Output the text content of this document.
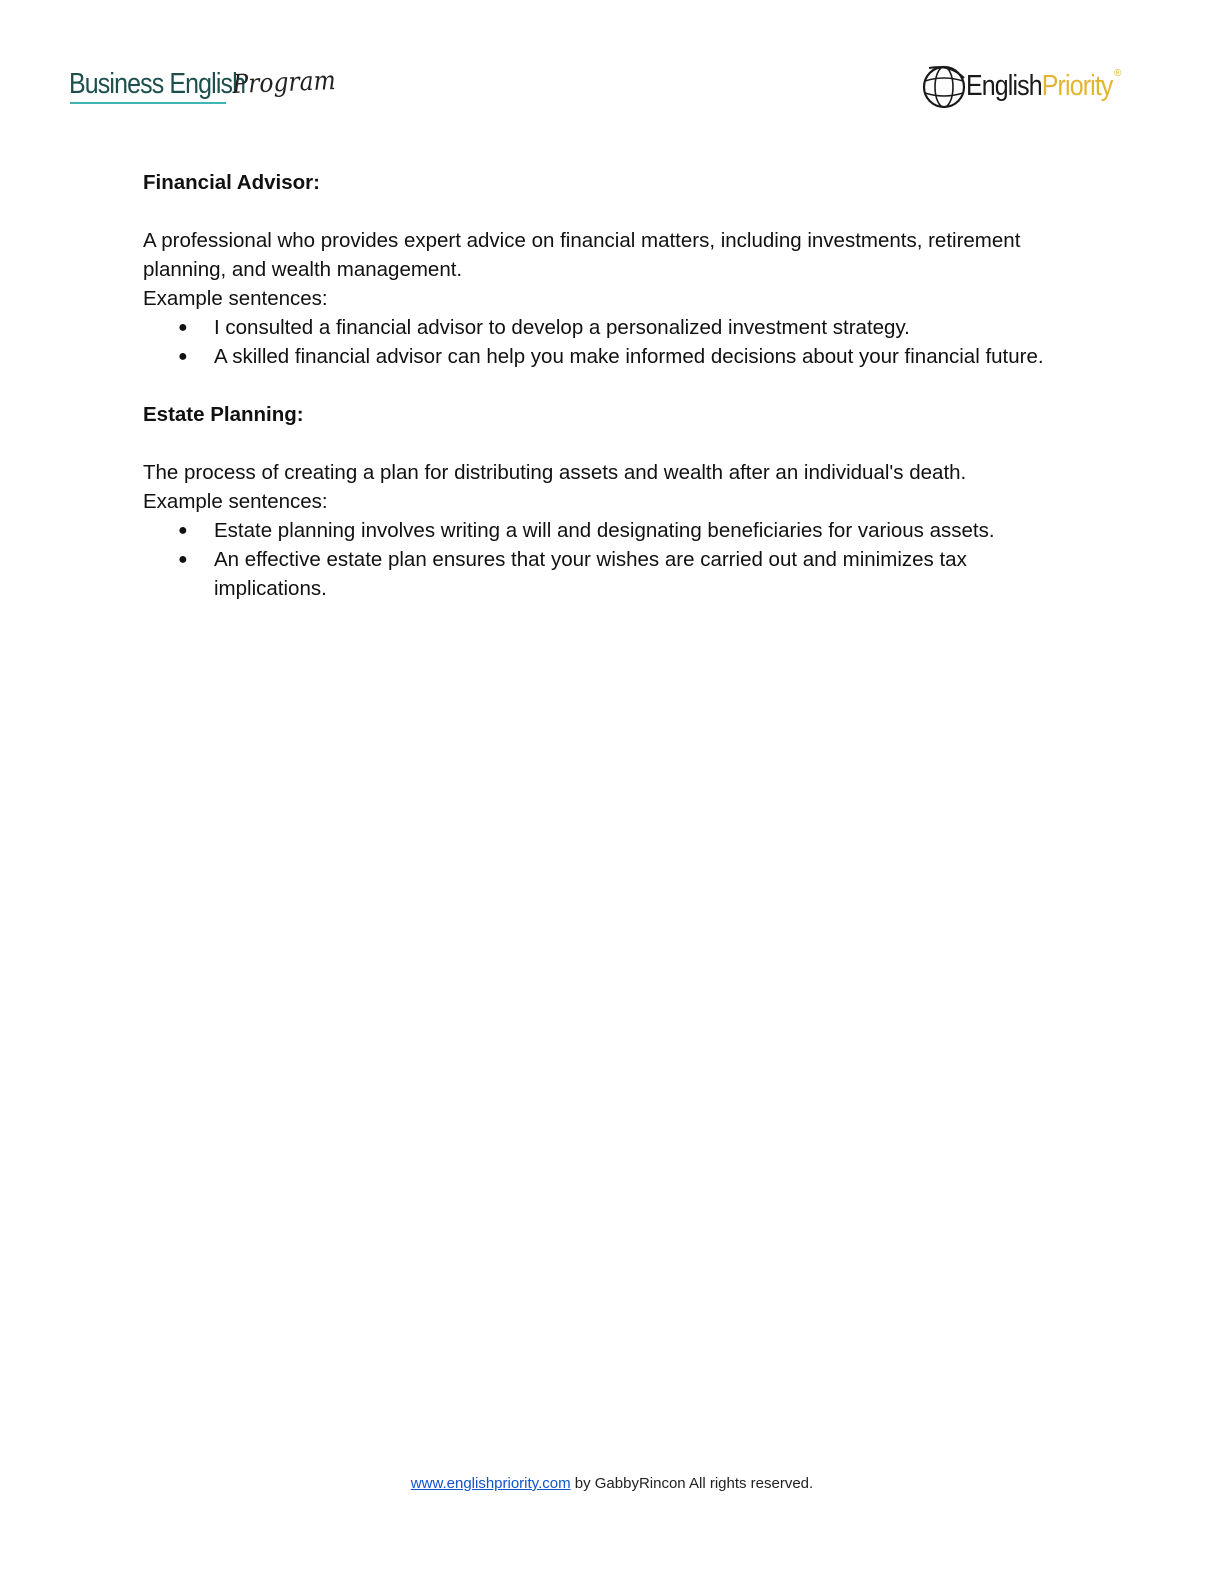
Business English
Program	EnglishPriority ®

Financial Advisor:

A professional who provides expert advice on financial matters, including investments, retirement planning, and wealth management.

Example sentences:

● I consulted a financial advisor to develop a personalized investment strategy.
● A skilled financial advisor can help you make informed decisions about your financial future.

Estate Planning:

The process of creating a plan for distributing assets and wealth after an individual's death.

Example sentences:

● Estate planning involves writing a will and designating beneficiaries for various assets.
● An effective estate plan ensures that your wishes are carried out and minimizes tax implications.
www.englishpriority.com by GabbyRincon All rights reserved.
